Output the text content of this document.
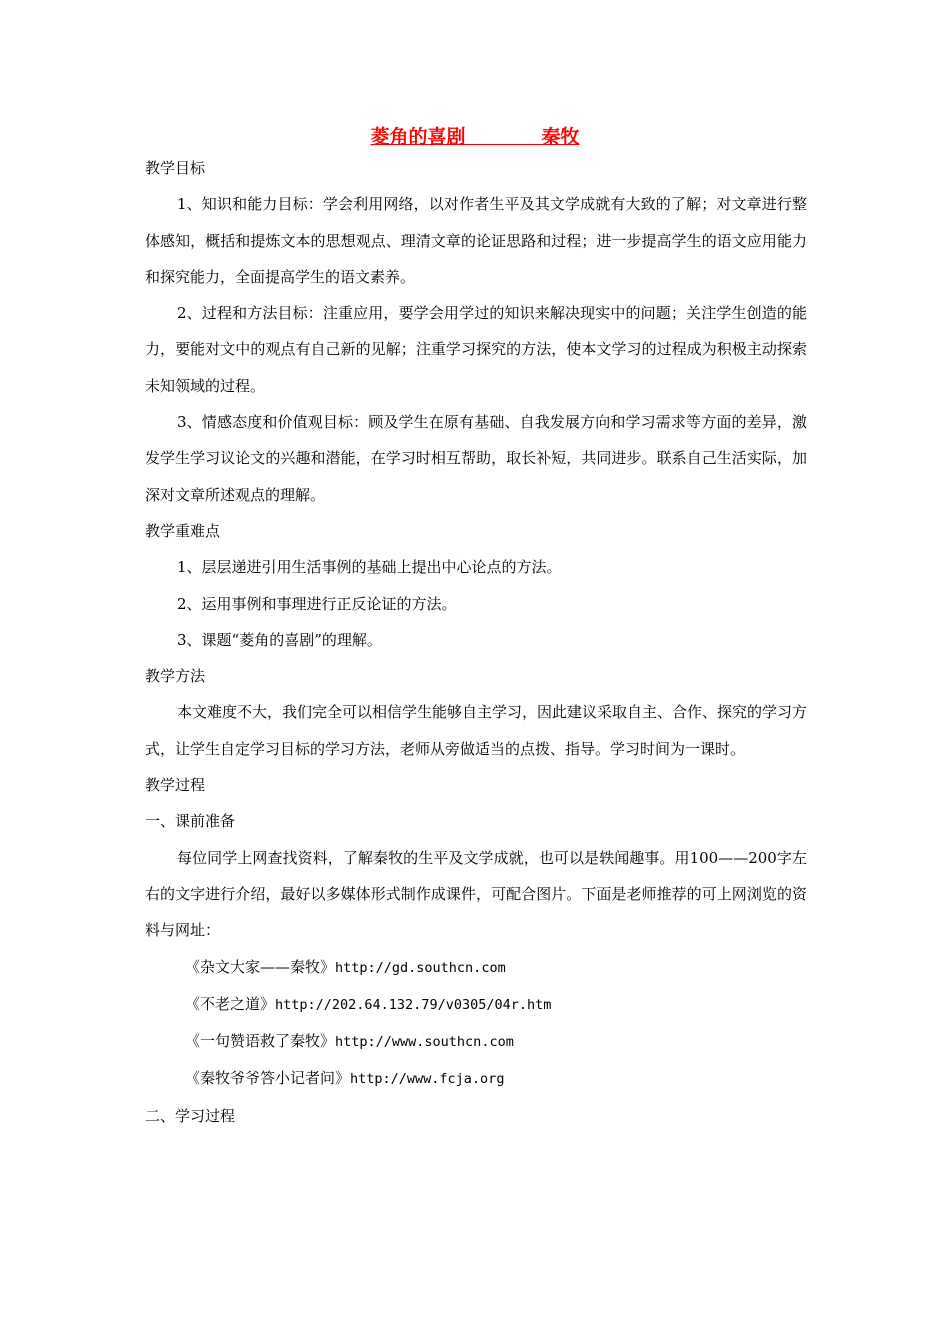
菱角的喜剧　　　　秦牧

教学目标

1、知识和能力目标：学会利用网络，以对作者生平及其文学成就有大致的了解；对文章进行整体感知，概括和提炼文本的思想观点、理清文章的论证思路和过程；进一步提高学生的语文应用能力和探究能力，全面提高学生的语文素养。

2、过程和方法目标：注重应用，要学会用学过的知识来解决现实中的问题；关注学生创造的能力，要能对文中的观点有自己新的见解；注重学习探究的方法，使本文学习的过程成为积极主动探索未知领域的过程。

3、情感态度和价值观目标：顾及学生在原有基础、自我发展方向和学习需求等方面的差异，激发学生学习议论文的兴趣和潜能，在学习时相互帮助，取长补短，共同进步。联系自己生活实际，加深对文章所述观点的理解。

教学重难点

1、层层递进引用生活事例的基础上提出中心论点的方法。

2、运用事例和事理进行正反论证的方法。

3、课题“菱角的喜剧”的理解。

教学方法

本文难度不大，我们完全可以相信学生能够自主学习，因此建议采取自主、合作、探究的学习方式，让学生自定学习目标的学习方法，老师从旁做适当的点拨、指导。学习时间为一课时。

教学过程

一、课前准备

每位同学上网查找资料，了解秦牧的生平及文学成就，也可以是轶闻趣事。用100——200字左右的文字进行介绍，最好以多媒体形式制作成课件，可配合图片。下面是老师推荐的可上网浏览的资料与网址：

《杂文大家——秦牧》http://gd.southcn.com

《不老之道》http://202.64.132.79/v0305/04r.htm

《一句赞语救了秦牧》http://www.southcn.com

《秦牧爷爷答小记者问》http://www.fcja.org

二、学习过程
